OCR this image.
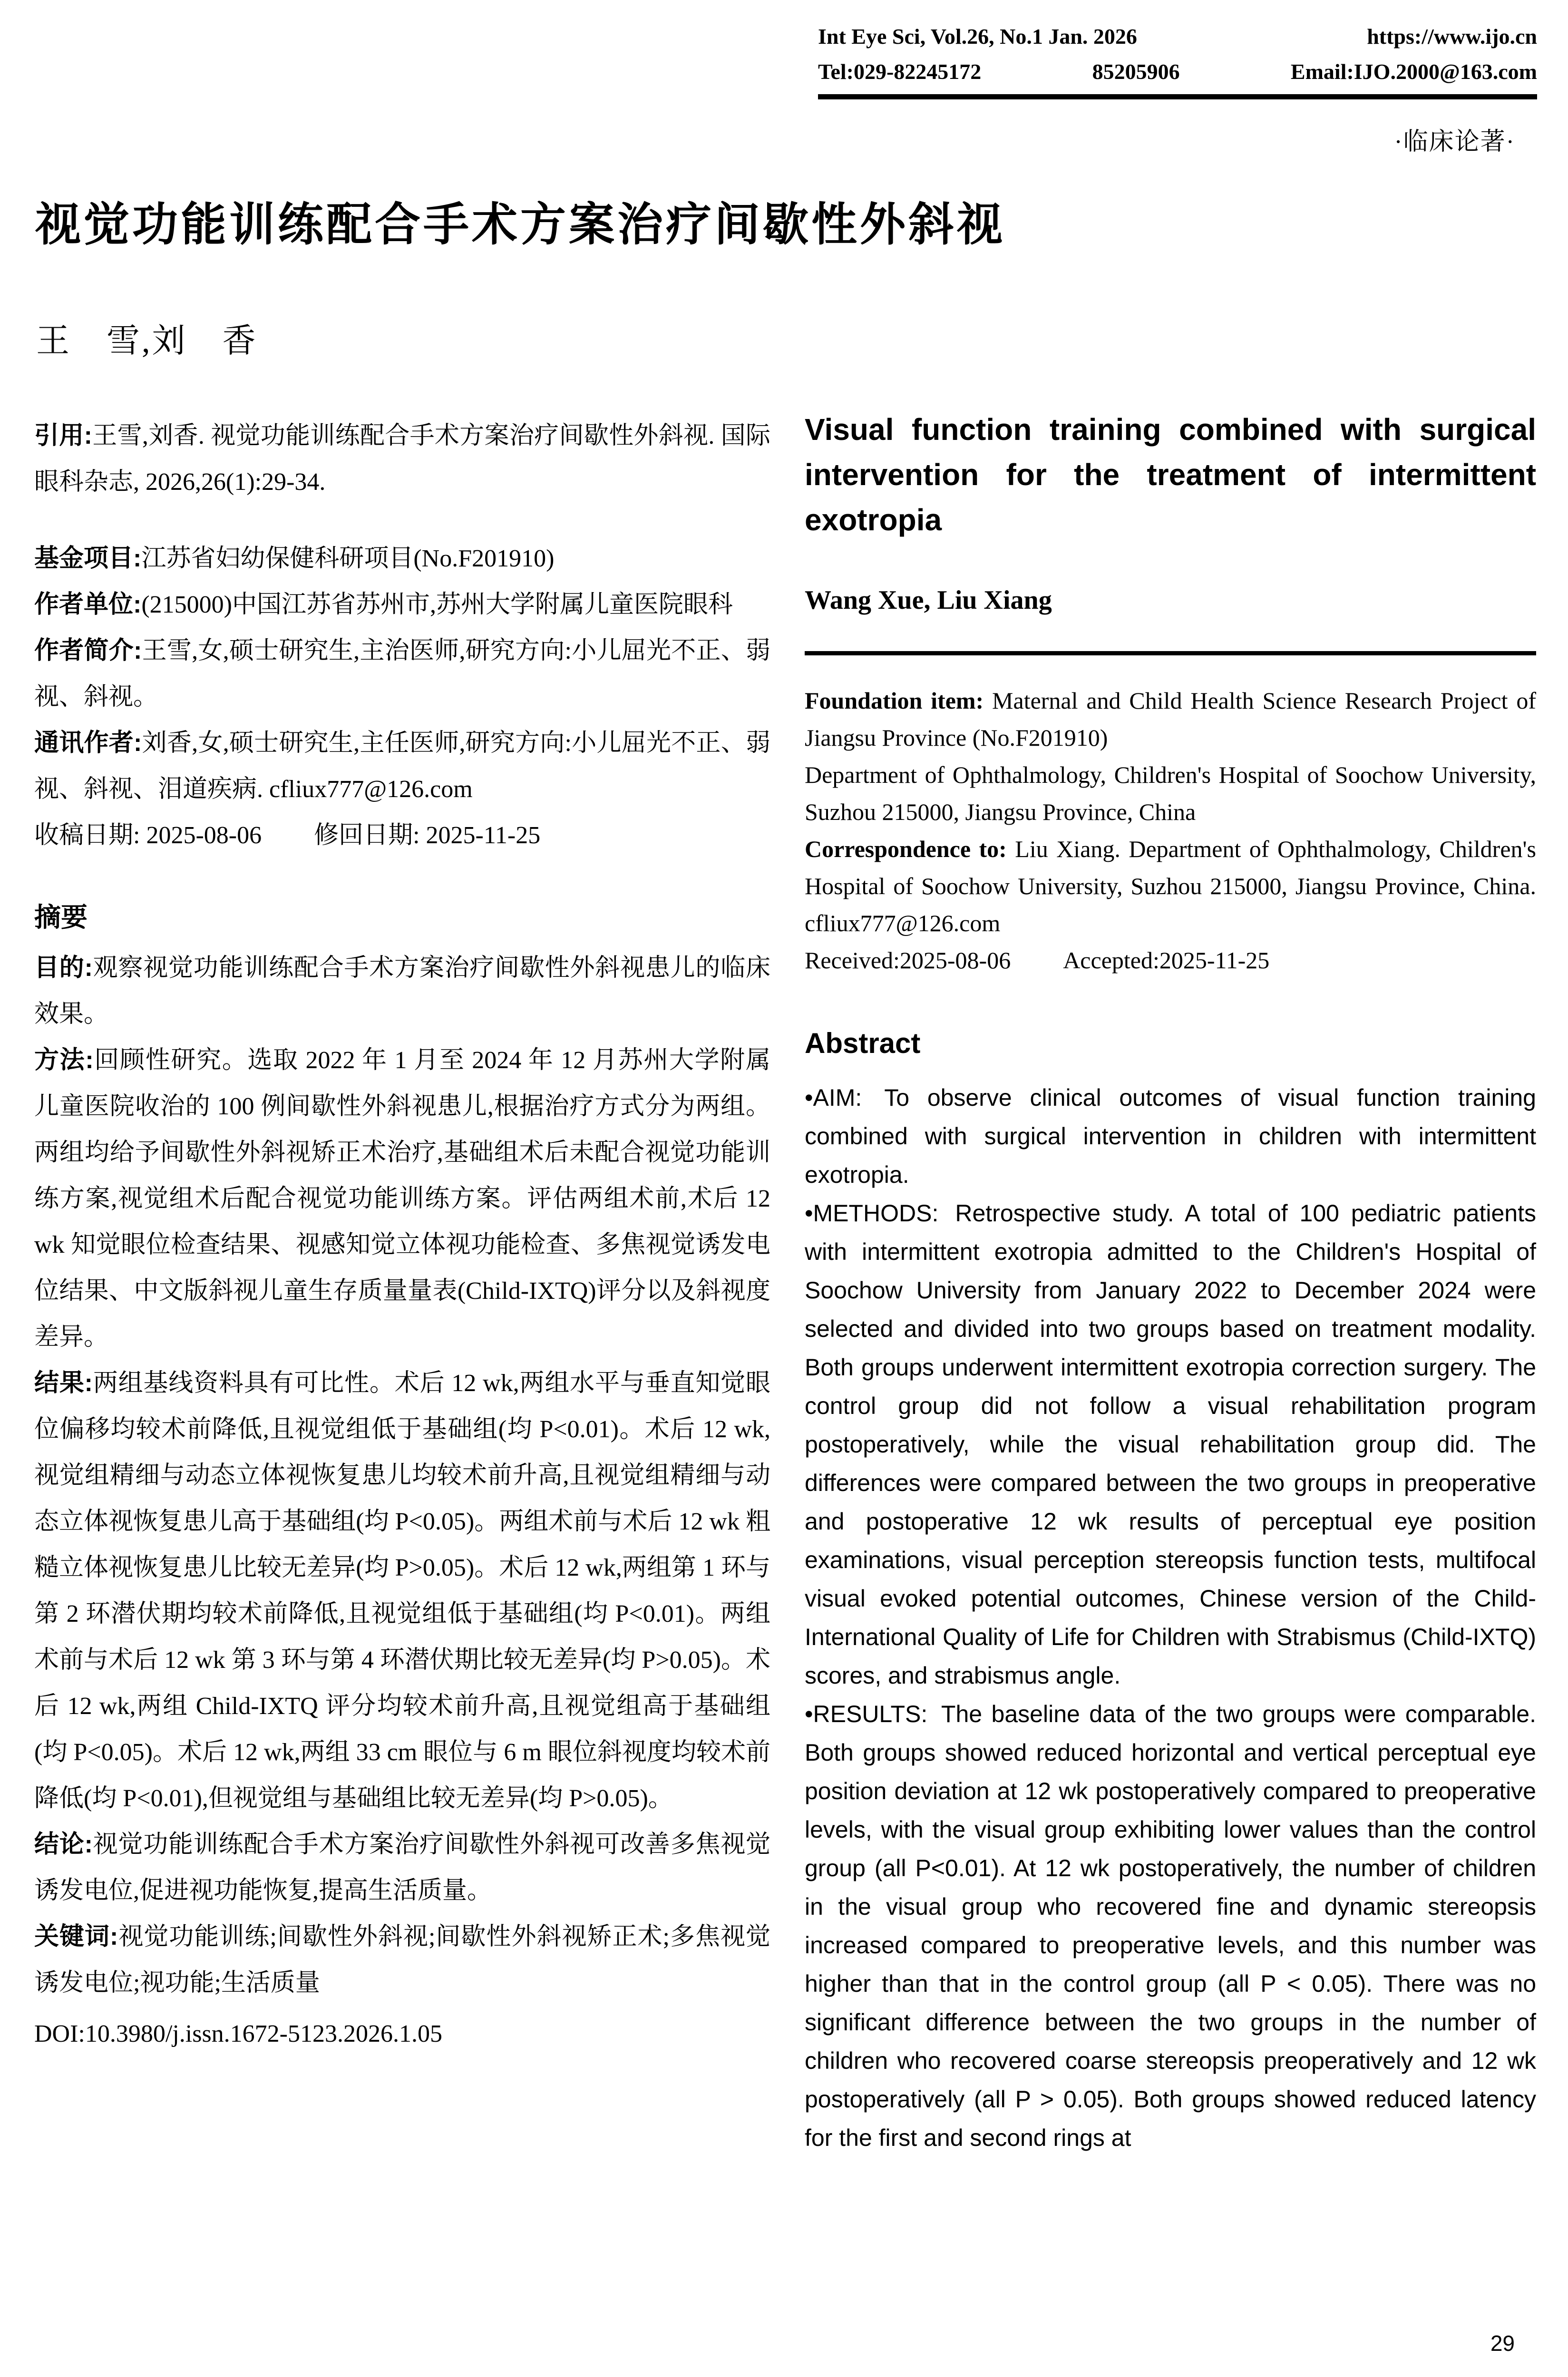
Int Eye Sci, Vol.26, No.1 Jan. 2026	https://www.ijo.cn
Tel:029-82245172	85205906	Email:IJO.2000@163.com
·临床论著·
视觉功能训练配合手术方案治疗间歇性外斜视
王　雪,刘　香

引用:王雪,刘香. 视觉功能训练配合手术方案治疗间歇性外斜视. 国际眼科杂志, 2026,26(1):29-34.

基金项目:江苏省妇幼保健科研项目(No.F201910)

作者单位:(215000)中国江苏省苏州市,苏州大学附属儿童医院眼科

作者简介:王雪,女,硕士研究生,主治医师,研究方向:小儿屈光不正、弱视、斜视。

通讯作者:刘香,女,硕士研究生,主任医师,研究方向:小儿屈光不正、弱视、斜视、泪道疾病. cfliux777@126.com

收稿日期: 2025-08-06 修回日期: 2025-11-25

摘要

目的:观察视觉功能训练配合手术方案治疗间歇性外斜视患儿的临床效果。

方法:回顾性研究。选取 2022 年 1 月至 2024 年 12 月苏州大学附属儿童医院收治的 100 例间歇性外斜视患儿,根据治疗方式分为两组。两组均给予间歇性外斜视矫正术治疗,基础组术后未配合视觉功能训练方案,视觉组术后配合视觉功能训练方案。评估两组术前,术后 12 wk 知觉眼位检查结果、视感知觉立体视功能检查、多焦视觉诱发电位结果、中文版斜视儿童生存质量量表(Child-IXTQ)评分以及斜视度差异。

结果:两组基线资料具有可比性。术后 12 wk,两组水平与垂直知觉眼位偏移均较术前降低,且视觉组低于基础组(均 P<0.01)。术后 12 wk,视觉组精细与动态立体视恢复患儿均较术前升高,且视觉组精细与动态立体视恢复患儿高于基础组(均 P<0.05)。两组术前与术后 12 wk 粗糙立体视恢复患儿比较无差异(均 P>0.05)。术后 12 wk,两组第 1 环与第 2 环潜伏期均较术前降低,且视觉组低于基础组(均 P<0.01)。两组术前与术后 12 wk 第 3 环与第 4 环潜伏期比较无差异(均 P>0.05)。术后 12 wk,两组 Child-IXTQ 评分均较术前升高,且视觉组高于基础组(均 P<0.05)。术后 12 wk,两组 33 cm 眼位与 6 m 眼位斜视度均较术前降低(均 P<0.01),但视觉组与基础组比较无差异(均 P>0.05)。

结论:视觉功能训练配合手术方案治疗间歇性外斜视可改善多焦视觉诱发电位,促进视功能恢复,提高生活质量。

关键词:视觉功能训练;间歇性外斜视;间歇性外斜视矫正术;多焦视觉诱发电位;视功能;生活质量

DOI:10.3980/j.issn.1672-5123.2026.1.05

Visual function training combined with surgical intervention for the treatment of intermittent exotropia
Wang Xue, Liu Xiang

Foundation item: Maternal and Child Health Science Research Project of Jiangsu Province (No.F201910)

Department of Ophthalmology, Children's Hospital of Soochow University, Suzhou 215000, Jiangsu Province, China

Correspondence to: Liu Xiang. Department of Ophthalmology, Children's Hospital of Soochow University, Suzhou 215000, Jiangsu Province, China. cfliux777@126.com

Received:2025-08-06 Accepted:2025-11-25

Abstract

•AIM: To observe clinical outcomes of visual function training combined with surgical intervention in children with intermittent exotropia.

•METHODS: Retrospective study. A total of 100 pediatric patients with intermittent exotropia admitted to the Children's Hospital of Soochow University from January 2022 to December 2024 were selected and divided into two groups based on treatment modality. Both groups underwent intermittent exotropia correction surgery. The control group did not follow a visual rehabilitation program postoperatively, while the visual rehabilitation group did. The differences were compared between the two groups in preoperative and postoperative 12 wk results of perceptual eye position examinations, visual perception stereopsis function tests, multifocal visual evoked potential outcomes, Chinese version of the Child-International Quality of Life for Children with Strabismus (Child-IXTQ) scores, and strabismus angle.

•RESULTS: The baseline data of the two groups were comparable. Both groups showed reduced horizontal and vertical perceptual eye position deviation at 12 wk postoperatively compared to preoperative levels, with the visual group exhibiting lower values than the control group (all P<0.01). At 12 wk postoperatively, the number of children in the visual group who recovered fine and dynamic stereopsis increased compared to preoperative levels, and this number was higher than that in the control group (all P < 0.05). There was no significant difference between the two groups in the number of children who recovered coarse stereopsis preoperatively and 12 wk postoperatively (all P > 0.05). Both groups showed reduced latency for the first and second rings at

29
